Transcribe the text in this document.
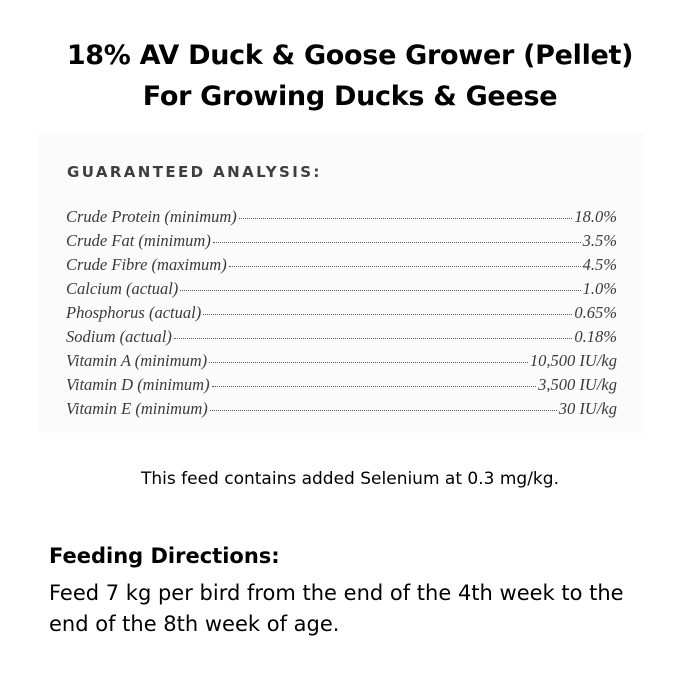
18% AV Duck & Goose Grower (Pellet)
For Growing Ducks & Geese
GUARANTEED ANALYSIS:
Crude Protein (minimum)	18.0%
Crude Fat (minimum)	3.5%
Crude Fibre (maximum)	4.5%
Calcium (actual)	1.0%
Phosphorus (actual)	0.65%
Sodium (actual)	0.18%
Vitamin A (minimum)	10,500 IU/kg
Vitamin D (minimum)	3,500 IU/kg
Vitamin E (minimum)	30 IU/kg
This feed contains added Selenium at 0.3 mg/kg.
Feeding Directions:
Feed 7 kg per bird from the end of the 4th week to the end of the 8th week of age.
